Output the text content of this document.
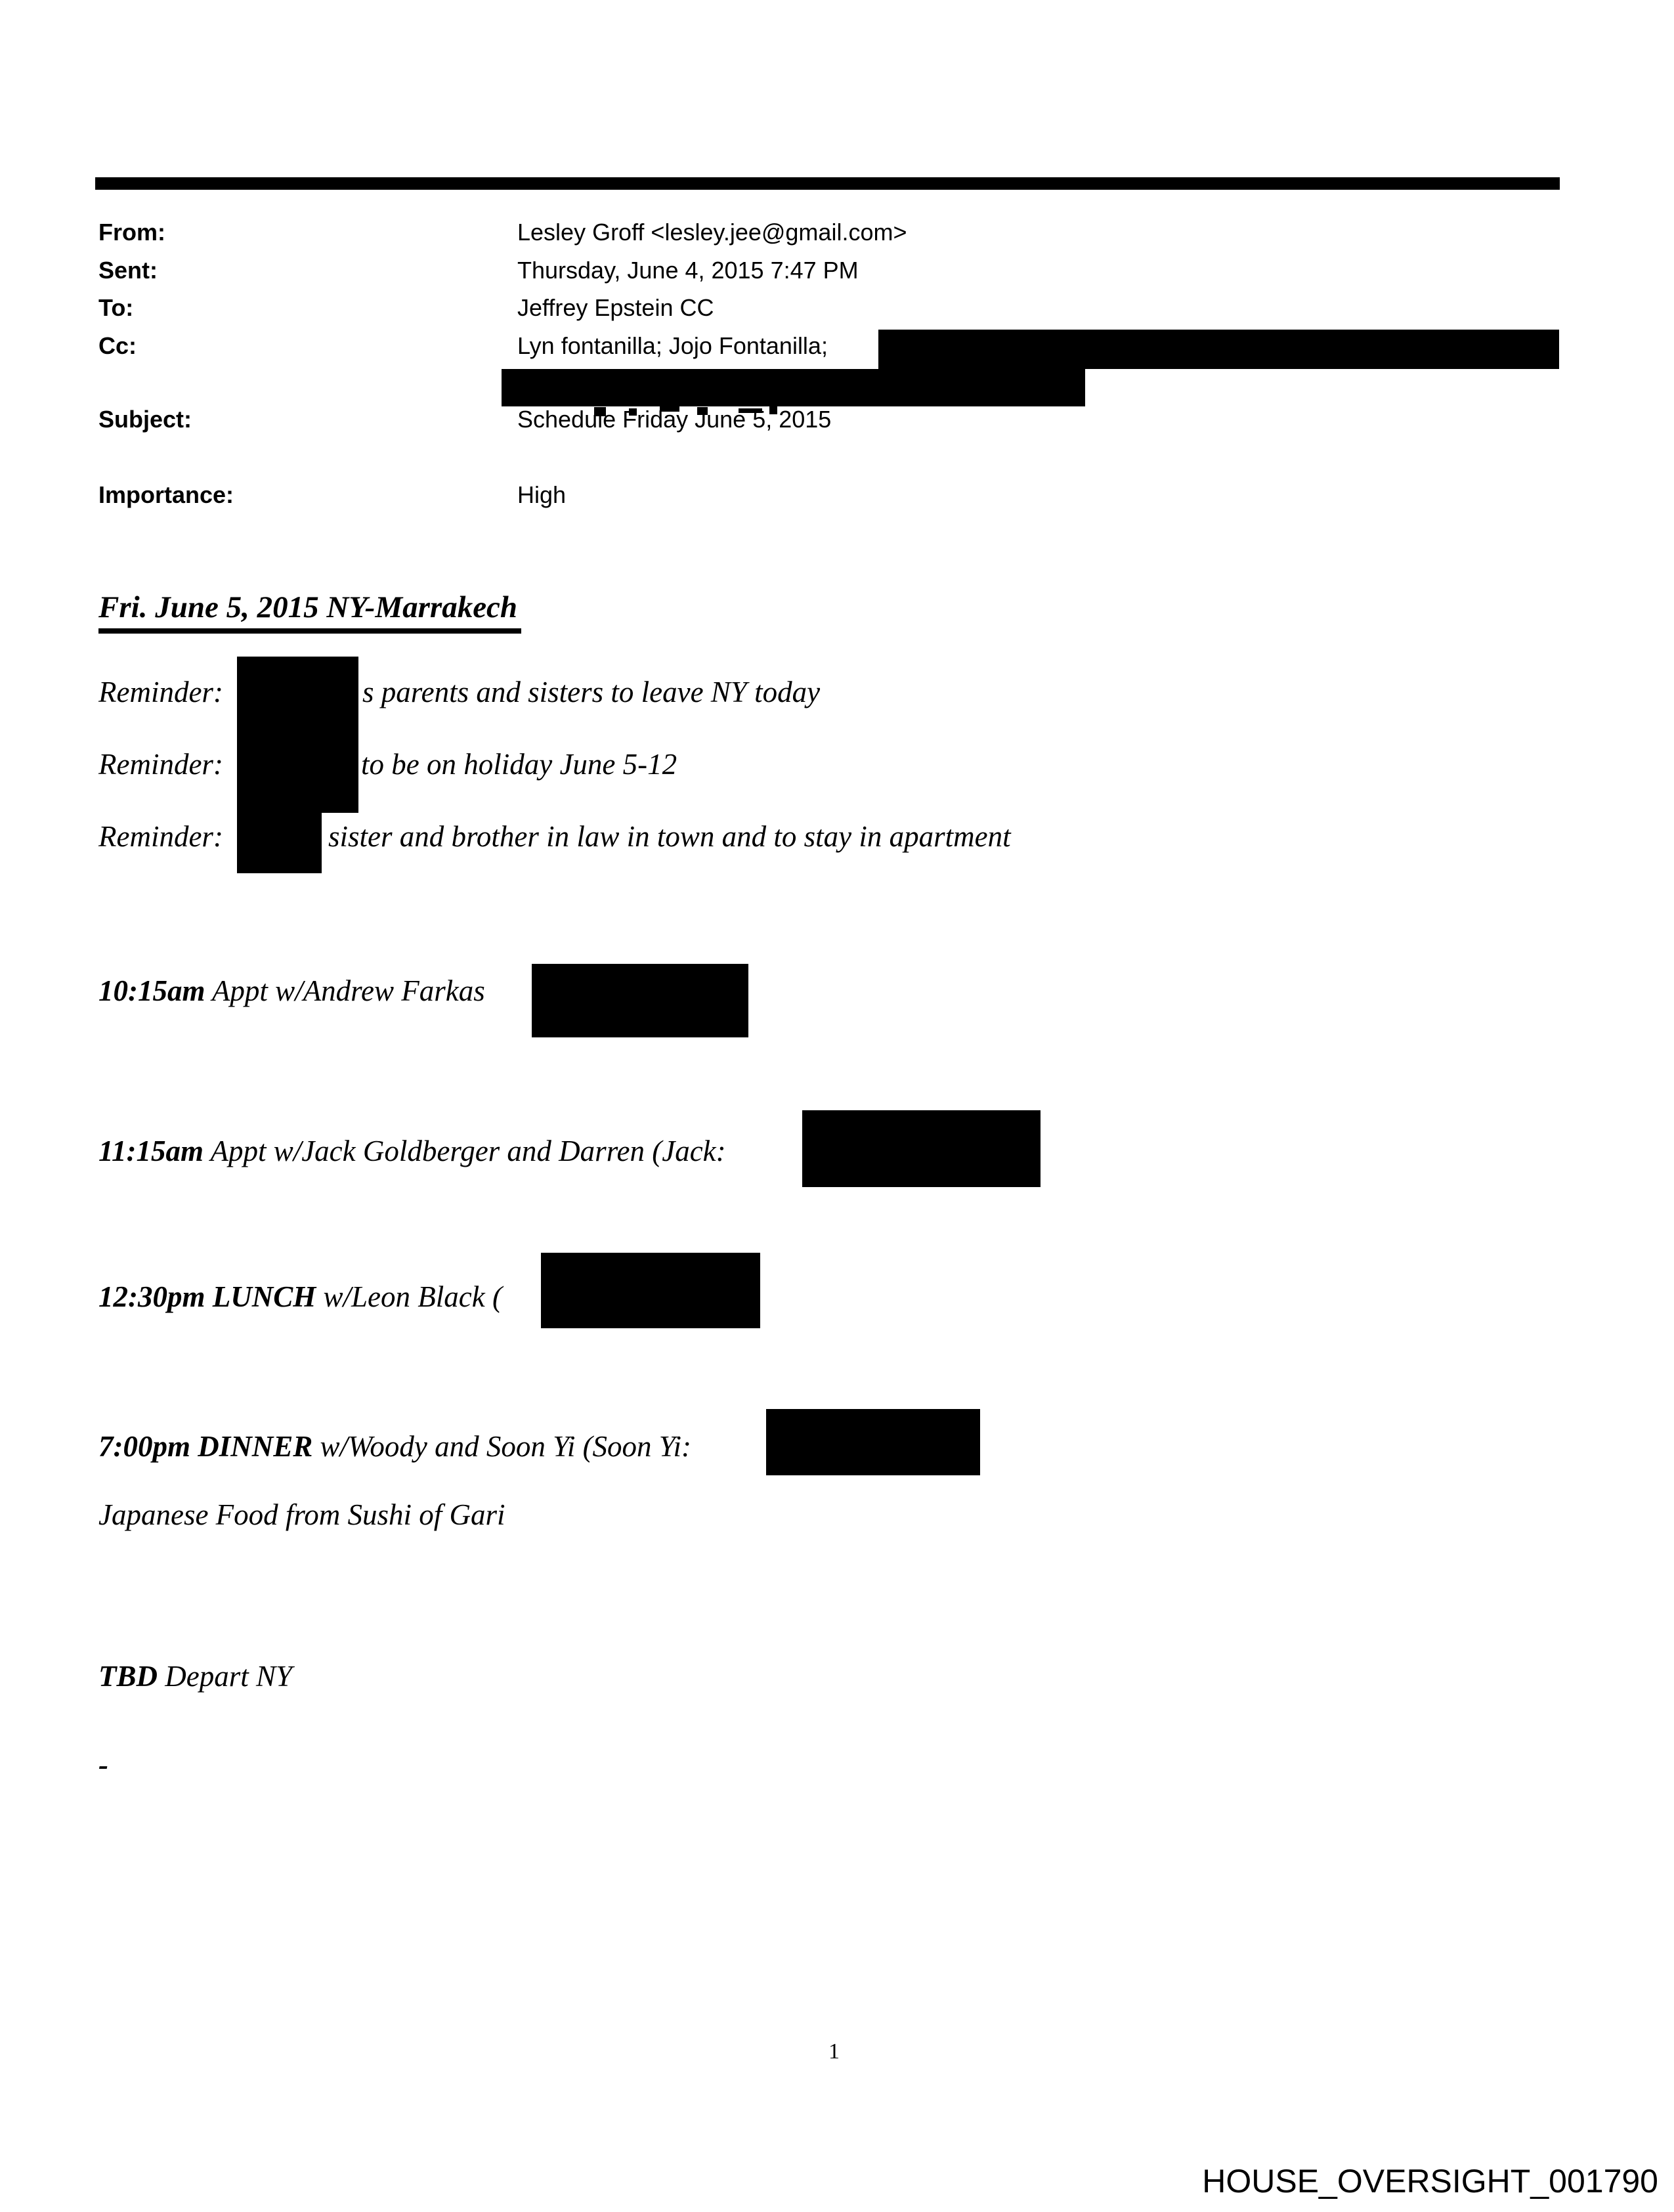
From:	Lesley Groff <lesley.jee@gmail.com>
Sent:	Thursday, June 4, 2015 7:47 PM
To:	Jeffrey Epstein CC
Cc:	Lyn fontanilla; Jojo Fontanilla;
Subject:	Schedule Friday June 5, 2015
Importance:	High
Fri. June 5, 2015 NY-Marrakech
Reminder:	s parents and sisters to leave NY today
Reminder:	to be on holiday June 5-12
Reminder:	sister and brother in law in town and to stay in apartment
10:15am Appt w/Andrew Farkas
11:15am Appt w/Jack Goldberger and Darren (Jack:
12:30pm LUNCH w/Leon Black (
7:00pm DINNER w/Woody and Soon Yi (Soon Yi:
Japanese Food from Sushi of Gari
TBD Depart NY
-
1
HOUSE_OVERSIGHT_001790
